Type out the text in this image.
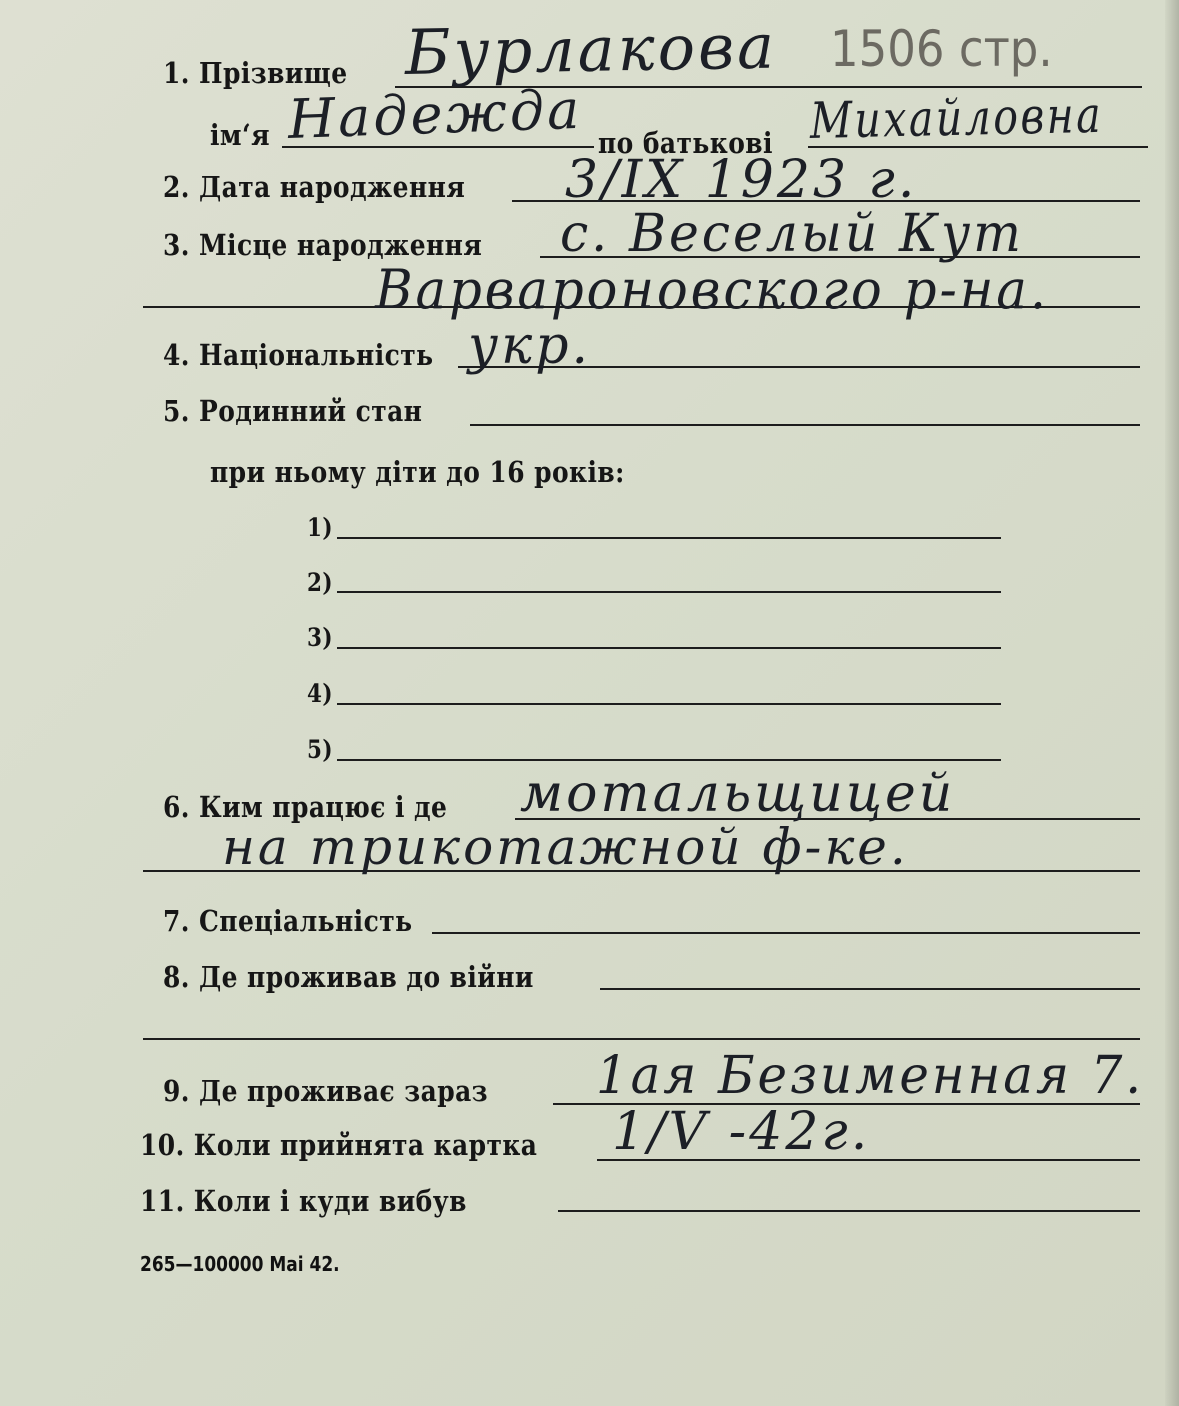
1. Прізвище Бурлакова 1506 стр.
ім‘я Надежда по батькові Михайловна
2. Дата народження 3/IX 1923 г.
3. Місце народження с. Веселый Кут
Варвароновского р-на.
4. Національність укр.
5. Родинний стан
при ньому діти до 16 років:
1)
2)
3)
4)
5)
6. Ким працює і де мотальщицей
на трикотажной ф-ке.
7. Спеціальність
8. Де проживав до війни
9. Де проживає зараз 1ая Безименная 7.
10. Коли прийнята картка 1/V -42г.
11. Коли і куди вибув
265—100000 Mai 42.
